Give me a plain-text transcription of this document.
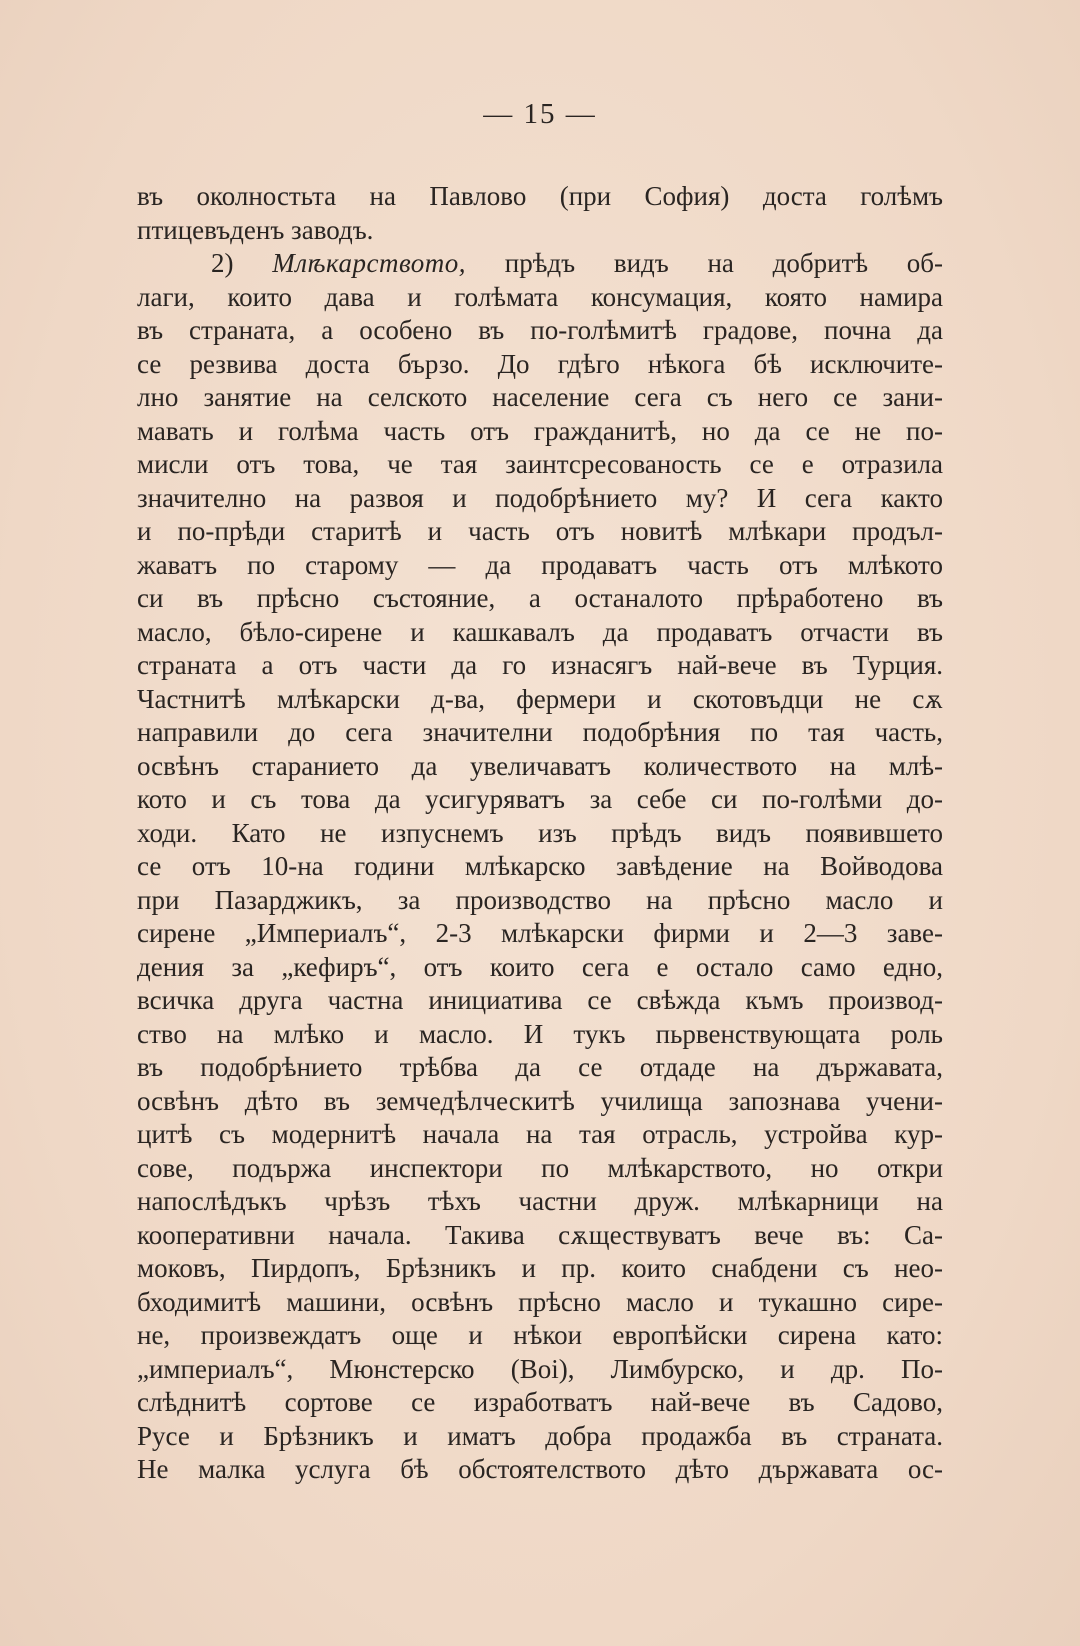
— 15 —
въ околностьта на Павлово (при София) доста голѣмъ
птицевъденъ заводъ.
2) Млѣкарството, прѣдъ видъ на добритѣ об-
лаги, които дава и голѣмата консумация, която намира
въ страната, а особено въ по-голѣмитѣ градове, почна да
се резвива доста бързо. До гдѣго нѣкога бѣ исключите-
лно занятие на селското население сега съ него се зани-
мавать и голѣма часть отъ гражданитѣ, но да се не по-
мисли отъ това, че тая заинтсресованость се е отразила
значително на развоя и подобрѣнието му? И сега както
и по-прѣди старитѣ и часть отъ новитѣ млѣкари продъл-
жаватъ по старому — да продаватъ часть отъ млѣкото
си въ прѣсно състояние, а останалото прѣработено въ
масло, бѣло-сирене и кашкавалъ да продаватъ отчасти въ
страната а отъ части да го изнасягъ най-вече въ Турция.
Частнитѣ млѣкарски д-ва, фермери и скотовъдци не сѫ
направили до сега значителни подобрѣния по тая часть,
освѣнъ старанието да увеличаватъ количеството на млѣ-
кото и съ това да усигуряватъ за себе си по-голѣми до-
ходи. Като не изпуснемъ изъ прѣдъ видъ появившето
се отъ 10-на години млѣкарско завѣдение на Войводова
при Пазарджикъ, за производство на прѣсно масло и
сирене „Империалъ“, 2-3 млѣкарски фирми и 2—3 заве-
дения за „кефиръ“, отъ които сега е остало само едно,
всичка друга частна инициатива се свѣжда къмъ производ-
ство на млѣко и масло. И тукъ пьрвенствующата роль
въ подобрѣнието трѣбва да се отдаде на държавата,
освѣнъ дѣто въ земчедѣлческитѣ училища запознава учени-
цитѣ съ модернитѣ начала на тая отрасль, устройва кур-
сове, подържа инспектори по млѣкарството, но откри
напослѣдъкъ чрѣзъ тѣхъ частни друж. млѣкарници на
кооперативни начала. Такива сѫществуватъ вече въ: Са-
моковъ, Пирдопъ, Брѣзникъ и пр. които снабдени съ нео-
бходимитѣ машини, освѣнъ прѣсно масло и тукашно сире-
не, произвеждатъ още и нѣкои европѣйски сирена като:
„империалъ“, Мюнстерско (Boi), Лимбурско, и др. По-
слѣднитѣ сортове се изработватъ най-вече въ Садово,
Русе и Брѣзникъ и иматъ добра продажба въ страната.
Не малка услуга бѣ обстоятелството дѣто държавата ос-
